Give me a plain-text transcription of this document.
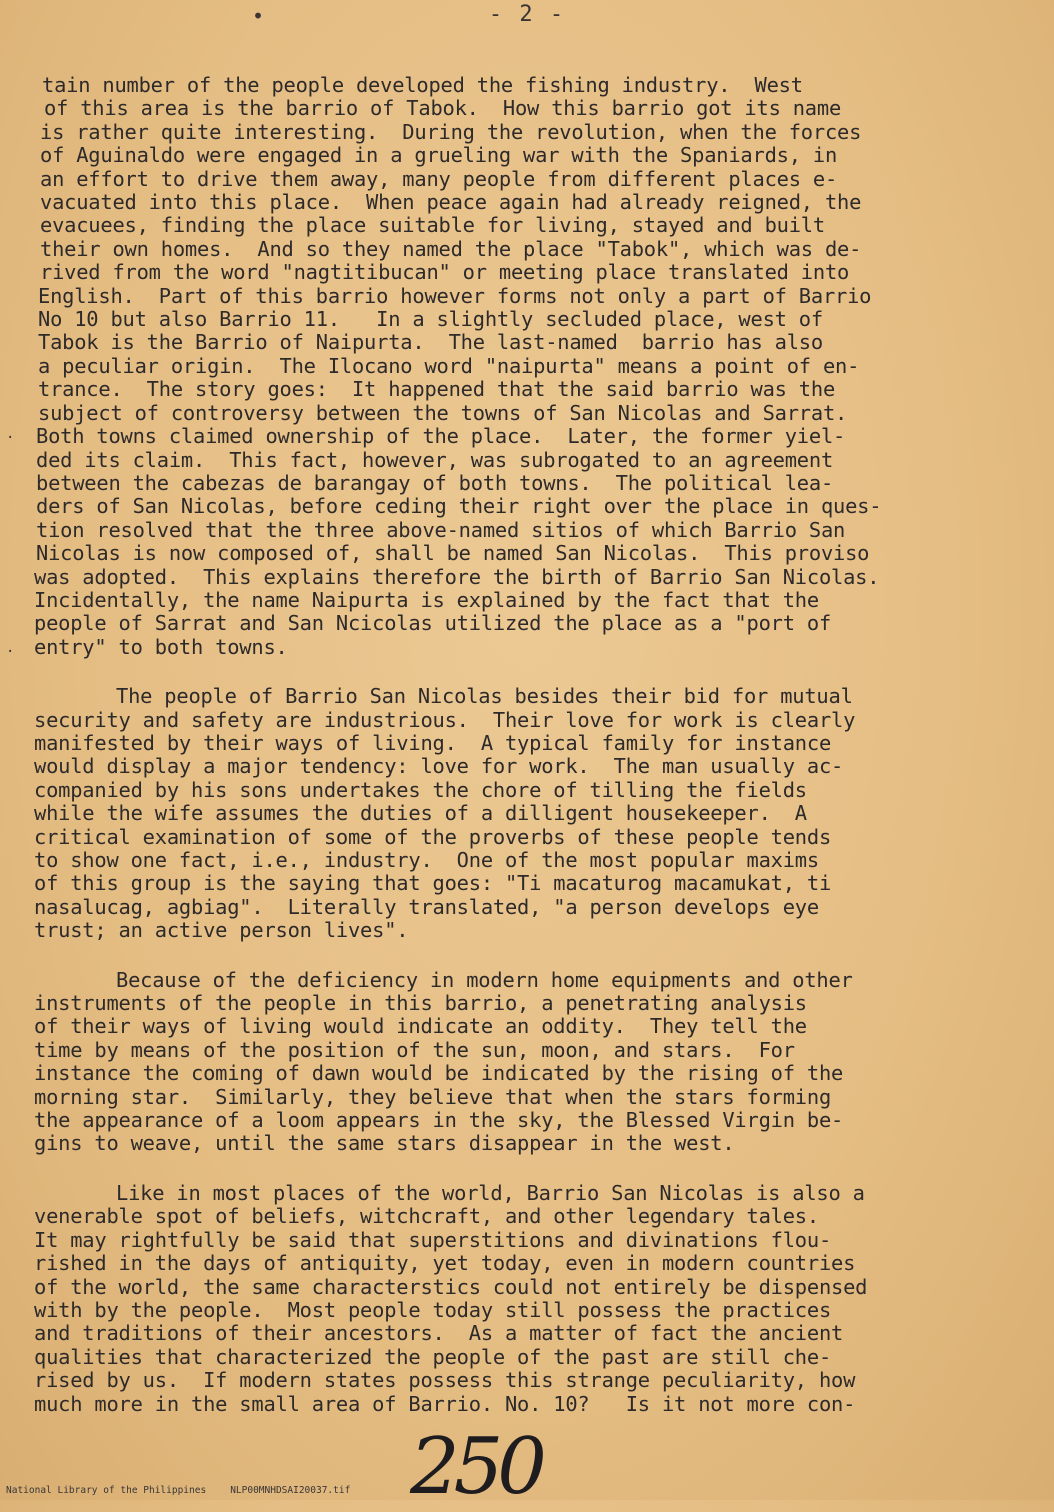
•	- 2 -
tain number of the people developed the fishing industry.  West
of this area is the barrio of Tabok.  How this barrio got its name
is rather quite interesting.  During the revolution, when the forces
of Aguinaldo were engaged in a grueling war with the Spaniards, in
an effort to drive them away, many people from different places e-
vacuated into this place.  When peace again had already reigned, the
evacuees, finding the place suitable for living, stayed and built
their own homes.  And so they named the place "Tabok", which was de-
rived from the word "nagtitibucan" or meeting place translated into
English.  Part of this barrio however forms not only a part of Barrio
No 10 but also Barrio 11.   In a slightly secluded place, west of
Tabok is the Barrio of Naipurta.  The last-named  barrio has also
a peculiar origin.  The Ilocano word "naipurta" means a point of en-
trance.  The story goes:  It happened that the said barrio was the
subject of controversy between the towns of San Nicolas and Sarrat.
Both towns claimed ownership of the place.  Later, the former yiel-
ded its claim.  This fact, however, was subrogated to an agreement
between the cabezas de barangay of both towns.  The political lea-
ders of San Nicolas, before ceding their right over the place in ques-
tion resolved that the three above-named sitios of which Barrio San
Nicolas is now composed of, shall be named San Nicolas.  This proviso
was adopted.  This explains therefore the birth of Barrio San Nicolas.
Incidentally, the name Naipurta is explained by the fact that the
people of Sarrat and San Ncicolas utilized the place as a "port of
entry" to both towns.
The people of Barrio San Nicolas besides their bid for mutual
security and safety are industrious.  Their love for work is clearly
manifested by their ways of living.  A typical family for instance
would display a major tendency: love for work.  The man usually ac-
companied by his sons undertakes the chore of tilling the fields
while the wife assumes the duties of a dilligent housekeeper.  A
critical examination of some of the proverbs of these people tends
to show one fact, i.e., industry.  One of the most popular maxims
of this group is the saying that goes: "Ti macaturog macamukat, ti
nasalucag, agbiag".  Literally translated, "a person develops eye
trust; an active person lives".
Because of the deficiency in modern home equipments and other
instruments of the people in this barrio, a penetrating analysis
of their ways of living would indicate an oddity.  They tell the
time by means of the position of the sun, moon, and stars.  For
instance the coming of dawn would be indicated by the rising of the
morning star.  Similarly, they believe that when the stars forming
the appearance of a loom appears in the sky, the Blessed Virgin be-
gins to weave, until the same stars disappear in the west.
Like in most places of the world, Barrio San Nicolas is also a
venerable spot of beliefs, witchcraft, and other legendary tales.
It may rightfully be said that superstitions and divinations flou-
rished in the days of antiquity, yet today, even in modern countries
of the world, the same characterstics could not entirely be dispensed
with by the people.  Most people today still possess the practices
and traditions of their ancestors.  As a matter of fact the ancient
qualities that characterized the people of the past are still che-
rised by us.  If modern states possess this strange peculiarity, how
much more in the small area of Barrio. No. 10?   Is it not more con-
·
·
250
National Library of the Philippines	NLP00MNHDSAI20037.tif
